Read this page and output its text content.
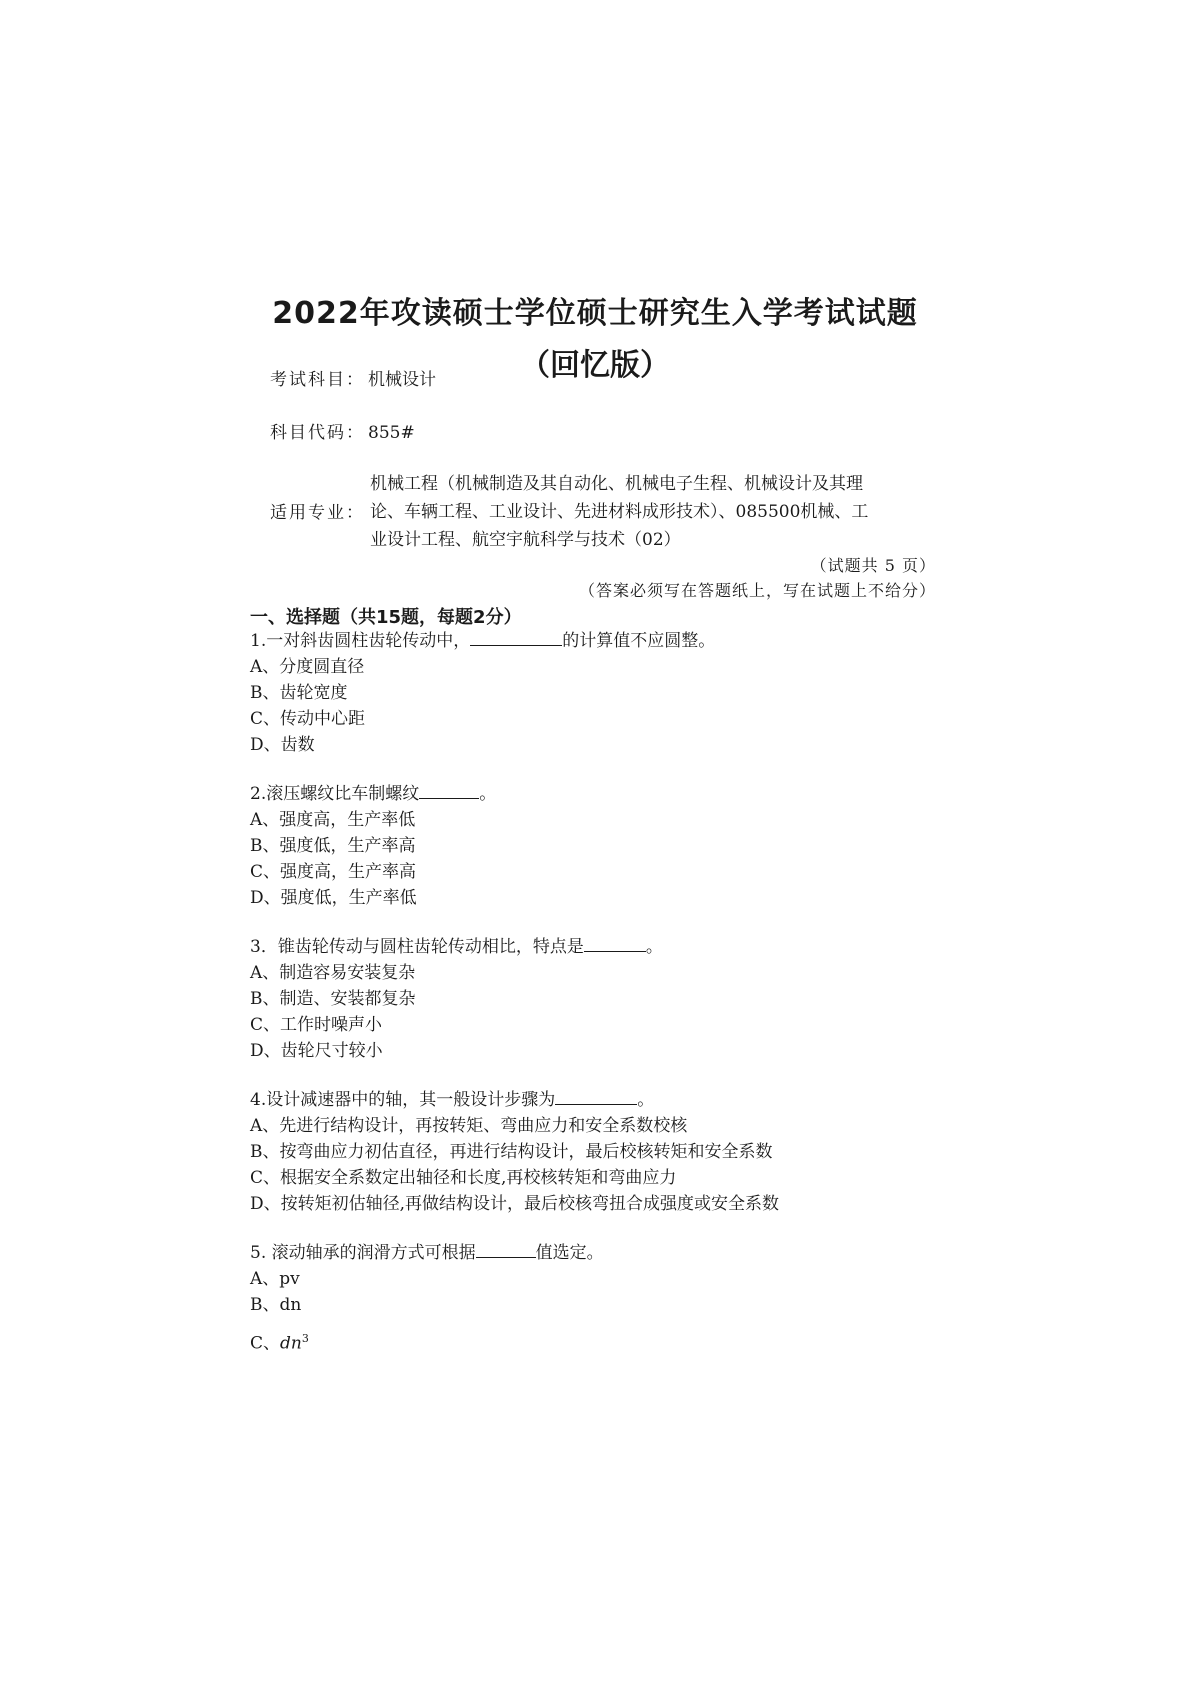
2022年攻读硕士学位硕士研究生入学考试试题
（回忆版）
考试科目： 机械设计
科目代码： 855#
适用专业：
机械工程（机械制造及其自动化、机械电子生程、机械设计及其理
论、车辆工程、工业设计、先进材料成形技术）、085500机械、工
业设计工程、航空宇航科学与技术（02）
（试题共 5 页）
（答案必须写在答题纸上，写在试题上不给分）
一、选择题（共15题，每题2分）
1.一对斜齿圆柱齿轮传动中，	的计算值不应圆整。
A、分度圆直径
B、齿轮宽度
C、传动中心距
D、齿数
2.滚压螺纹比车制螺纹	。
A、强度高，生产率低
B、强度低，生产率高
C、强度高，生产率高
D、强度低，生产率低
3．锥齿轮传动与圆柱齿轮传动相比，特点是	。
A、制造容易安装复杂
B、制造、安装都复杂
C、工作时噪声小
D、齿轮尺寸较小
4.设计减速器中的轴，其一般设计步骤为	。
A、先进行结构设计，再按转矩、弯曲应力和安全系数校核
B、按弯曲应力初估直径，再进行结构设计，最后校核转矩和安全系数
C、根据安全系数定出轴径和长度,再校核转矩和弯曲应力
D、按转矩初估轴径,再做结构设计，最后校核弯扭合成强度或安全系数
5. 滚动轴承的润滑方式可根据	值选定。
A、pv
B、dn
C、$dn^3$
